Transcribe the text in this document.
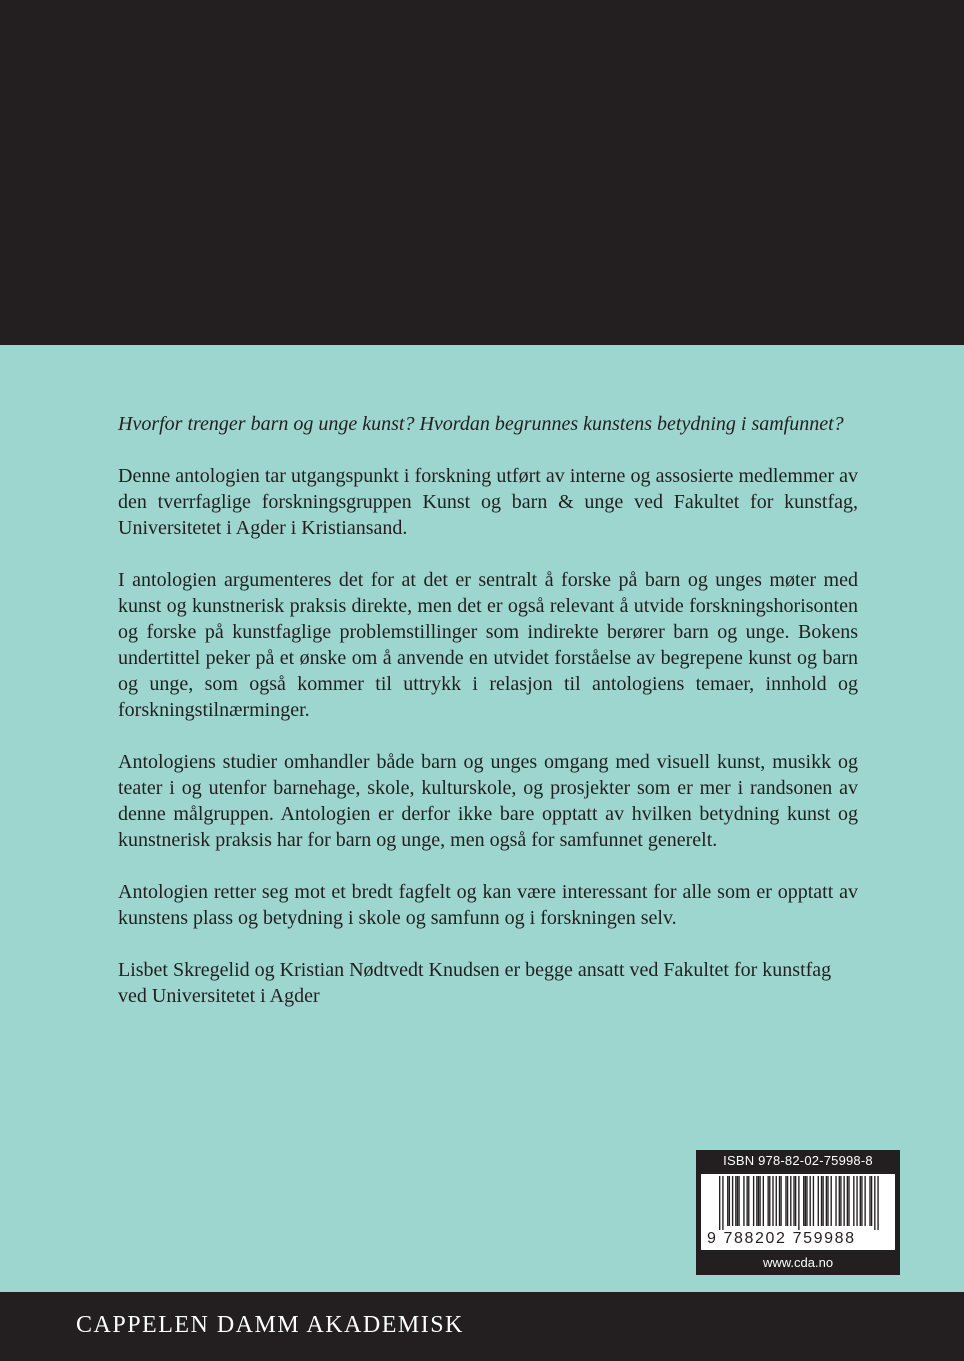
Hvorfor trenger barn og unge kunst? Hvordan begrunnes kunstens betydning i samfunnet?

Denne antologien tar utgangspunkt i forskning utført av interne og assosierte medlemmer av den tverrfaglige forskningsgruppen Kunst og barn & unge ved Fakultet for kunstfag, Universitetet i Agder i Kristiansand.

I antologien argumenteres det for at det er sentralt å forske på barn og unges møter med kunst og kunstnerisk praksis direkte, men det er også relevant å utvide forskningshorisonten og forske på kunstfaglige problemstillinger som indirekte berører barn og unge. Bokens undertittel peker på et ønske om å anvende en utvidet forståelse av begrepene kunst og barn og unge, som også kommer til uttrykk i relasjon til antologiens temaer, innhold og forskningstilnærminger.

Antologiens studier omhandler både barn og unges omgang med visuell kunst, musikk og teater i og utenfor barnehage, skole, kulturskole, og prosjekter som er mer i randsonen av denne målgruppen. Antologien er derfor ikke bare opptatt av hvilken betydning kunst og kunstnerisk praksis har for barn og unge, men også for samfunnet generelt.

Antologien retter seg mot et bredt fagfelt og kan være interessant for alle som er opptatt av kunstens plass og betydning i skole og samfunn og i forskningen selv.

Lisbet Skregelid og Kristian Nødtvedt Knudsen er begge ansatt ved Fakultet for kunstfag ved Universitetet i Agder

ISBN 978-82-02-75998-8
9 788202 759988
www.cda.no
CAPPELEN DAMM AKADEMISK
